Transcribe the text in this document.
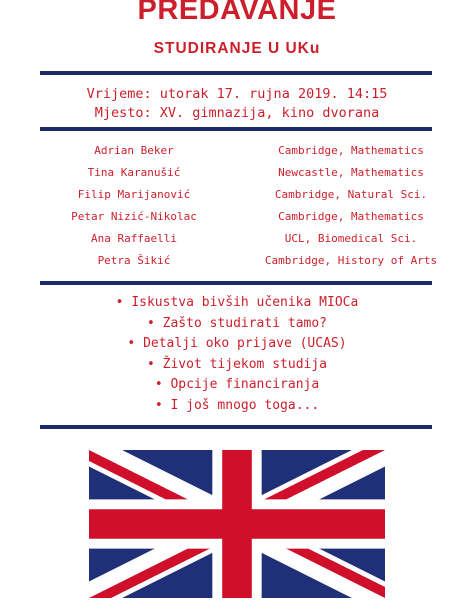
PREDAVANJE
STUDIRANJE U UKu
Vrijeme: utorak 17. rujna 2019. 14:15
Mjesto: XV. gimnazija, kino dvorana
Adrian Beker	Cambridge, Mathematics
Tina Karanušić	Newcastle, Mathematics
Filip Marijanović	Cambridge, Natural Sci.
Petar Nizić-Nikolac	Cambridge, Mathematics
Ana Raffaelli	UCL, Biomedical Sci.
Petra Šikić	Cambridge, History of Arts
• Iskustva bivših učenika MIOCa
• Zašto studirati tamo?
• Detalji oko prijave (UCAS)
• Život tijekom studija
• Opcije financiranja
• I još mnogo toga...
